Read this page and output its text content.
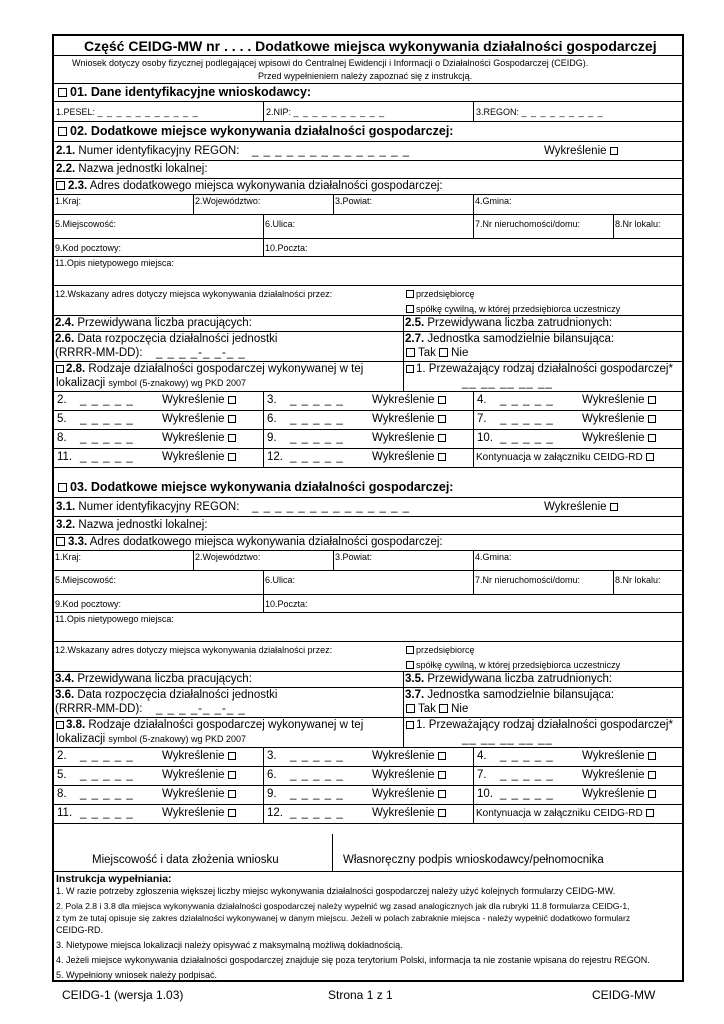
Część CEIDG-MW nr . . . . Dodatkowe miejsca wykonywania działalności gospodarczej
Wniosek dotyczy osoby fizycznej podlegającej wpisowi do Centralnej Ewidencji i Informacji o Działalności Gospodarczej (CEIDG).
Przed wypełnieniem należy zapoznać się z instrukcją.
01. Dane identyfikacyjne wnioskodawcy:
1.PESEL: _ _ _ _ _ _ _ _ _ _ _	2.NIP: _ _ _ _ _ _ _ _ _ _	3.REGON: _ _ _ _ _ _ _ _ _
02. Dodatkowe miejsce wykonywania działalności gospodarczej:
2.1. Numer identyfikacyjny REGON: _ _ _ _ _ _ _ _ _ _ _ _ _ _	Wykreślenie
2.2. Nazwa jednostki lokalnej:
2.3. Adres dodatkowego miejsca wykonywania działalności gospodarczej:
1.Kraj:	2.Województwo:	3.Powiat:	4.Gmina:
5.Miejscowość:	6.Ulica:	7.Nr nieruchomości/domu:	8.Nr lokalu:
9.Kod pocztowy:	10.Poczta:
11.Opis nietypowego miejsca:
12.Wskazany adres dotyczy miejsca wykonywania działalności przez:	przedsiębiorcę
spółkę cywilną, w której przedsiębiorca uczestniczy
2.4. Przewidywana liczba pracujących:	2.5. Przewidywana liczba zatrudnionych:
2.6. Data rozpoczęcia działalności jednostki
(RRRR-MM-DD): _ _ _ _-_ _-_ _
2.7. Jednostka samodzielnie bilansująca:
Tak Nie
2.8. Rodzaje działalności gospodarczej wykonywanej w tej
lokalizacji symbol (5-znakowy) wg PKD 2007
1. Przeważający rodzaj działalności gospodarczej*
__ __ __ __ __
2. _ _ _ _ _ Wykreślenie	3. _ _ _ _ _ Wykreślenie	4. _ _ _ _ _ Wykreślenie
5. _ _ _ _ _ Wykreślenie	6. _ _ _ _ _ Wykreślenie	7. _ _ _ _ _ Wykreślenie
8. _ _ _ _ _ Wykreślenie	9. _ _ _ _ _ Wykreślenie	10. _ _ _ _ _ Wykreślenie
11. _ _ _ _ _ Wykreślenie	12. _ _ _ _ _ Wykreślenie	Kontynuacja w załączniku CEIDG-RD
03. Dodatkowe miejsce wykonywania działalności gospodarczej:
3.1. Numer identyfikacyjny REGON: _ _ _ _ _ _ _ _ _ _ _ _ _ _	Wykreślenie
3.2. Nazwa jednostki lokalnej:
3.3. Adres dodatkowego miejsca wykonywania działalności gospodarczej:
1.Kraj:	2.Województwo:	3.Powiat:	4.Gmina:
5.Miejscowość:	6.Ulica:	7.Nr nieruchomości/domu:	8.Nr lokalu:
9.Kod pocztowy:	10.Poczta:
11.Opis nietypowego miejsca:
12.Wskazany adres dotyczy miejsca wykonywania działalności przez:	przedsiębiorcę
spółkę cywilną, w której przedsiębiorca uczestniczy
3.4. Przewidywana liczba pracujących:	3.5. Przewidywana liczba zatrudnionych:
3.6. Data rozpoczęcia działalności jednostki
(RRRR-MM-DD): _ _ _ _-_ _-_ _
3.7. Jednostka samodzielnie bilansująca:
Tak Nie
3.8. Rodzaje działalności gospodarczej wykonywanej w tej
lokalizacji symbol (5-znakowy) wg PKD 2007
1. Przeważający rodzaj działalności gospodarczej*
__ __ __ __ __
2. _ _ _ _ _ Wykreślenie	3. _ _ _ _ _ Wykreślenie	4. _ _ _ _ _ Wykreślenie
5. _ _ _ _ _ Wykreślenie	6. _ _ _ _ _ Wykreślenie	7. _ _ _ _ _ Wykreślenie
8. _ _ _ _ _ Wykreślenie	9. _ _ _ _ _ Wykreślenie	10. _ _ _ _ _ Wykreślenie
11. _ _ _ _ _ Wykreślenie	12. _ _ _ _ _ Wykreślenie	Kontynuacja w załączniku CEIDG-RD
Miejscowość i data złożenia wniosku	Własnoręczny podpis wnioskodawcy/pełnomocnika
Instrukcja wypełniania:
1. W razie potrzeby zgłoszenia większej liczby miejsc wykonywania działalności gospodarczej należy użyć kolejnych formularzy CEIDG-MW.
2. Pola 2.8 i 3.8 dla miejsca wykonywania działalności gospodarczej należy wypełnić wg zasad analogicznych jak dla rubryki 11.8 formularza CEIDG-1,
z tym że tutaj opisuje się zakres działalności wykonywanej w danym miejscu. Jeżeli w polach zabraknie miejsca - należy wypełnić dodatkowo formularz
CEIDG-RD.
3. Nietypowe miejsca lokalizacji należy opisywać z maksymalną możliwą dokładnością.
4. Jeżeli miejsce wykonywania działalności gospodarczej znajduje się poza terytorium Polski, informacja ta nie zostanie wpisana do rejestru REGON.
5. Wypełniony wniosek należy podpisać.
CEIDG-1 (wersja 1.03)	Strona 1 z 1	CEIDG-MW
